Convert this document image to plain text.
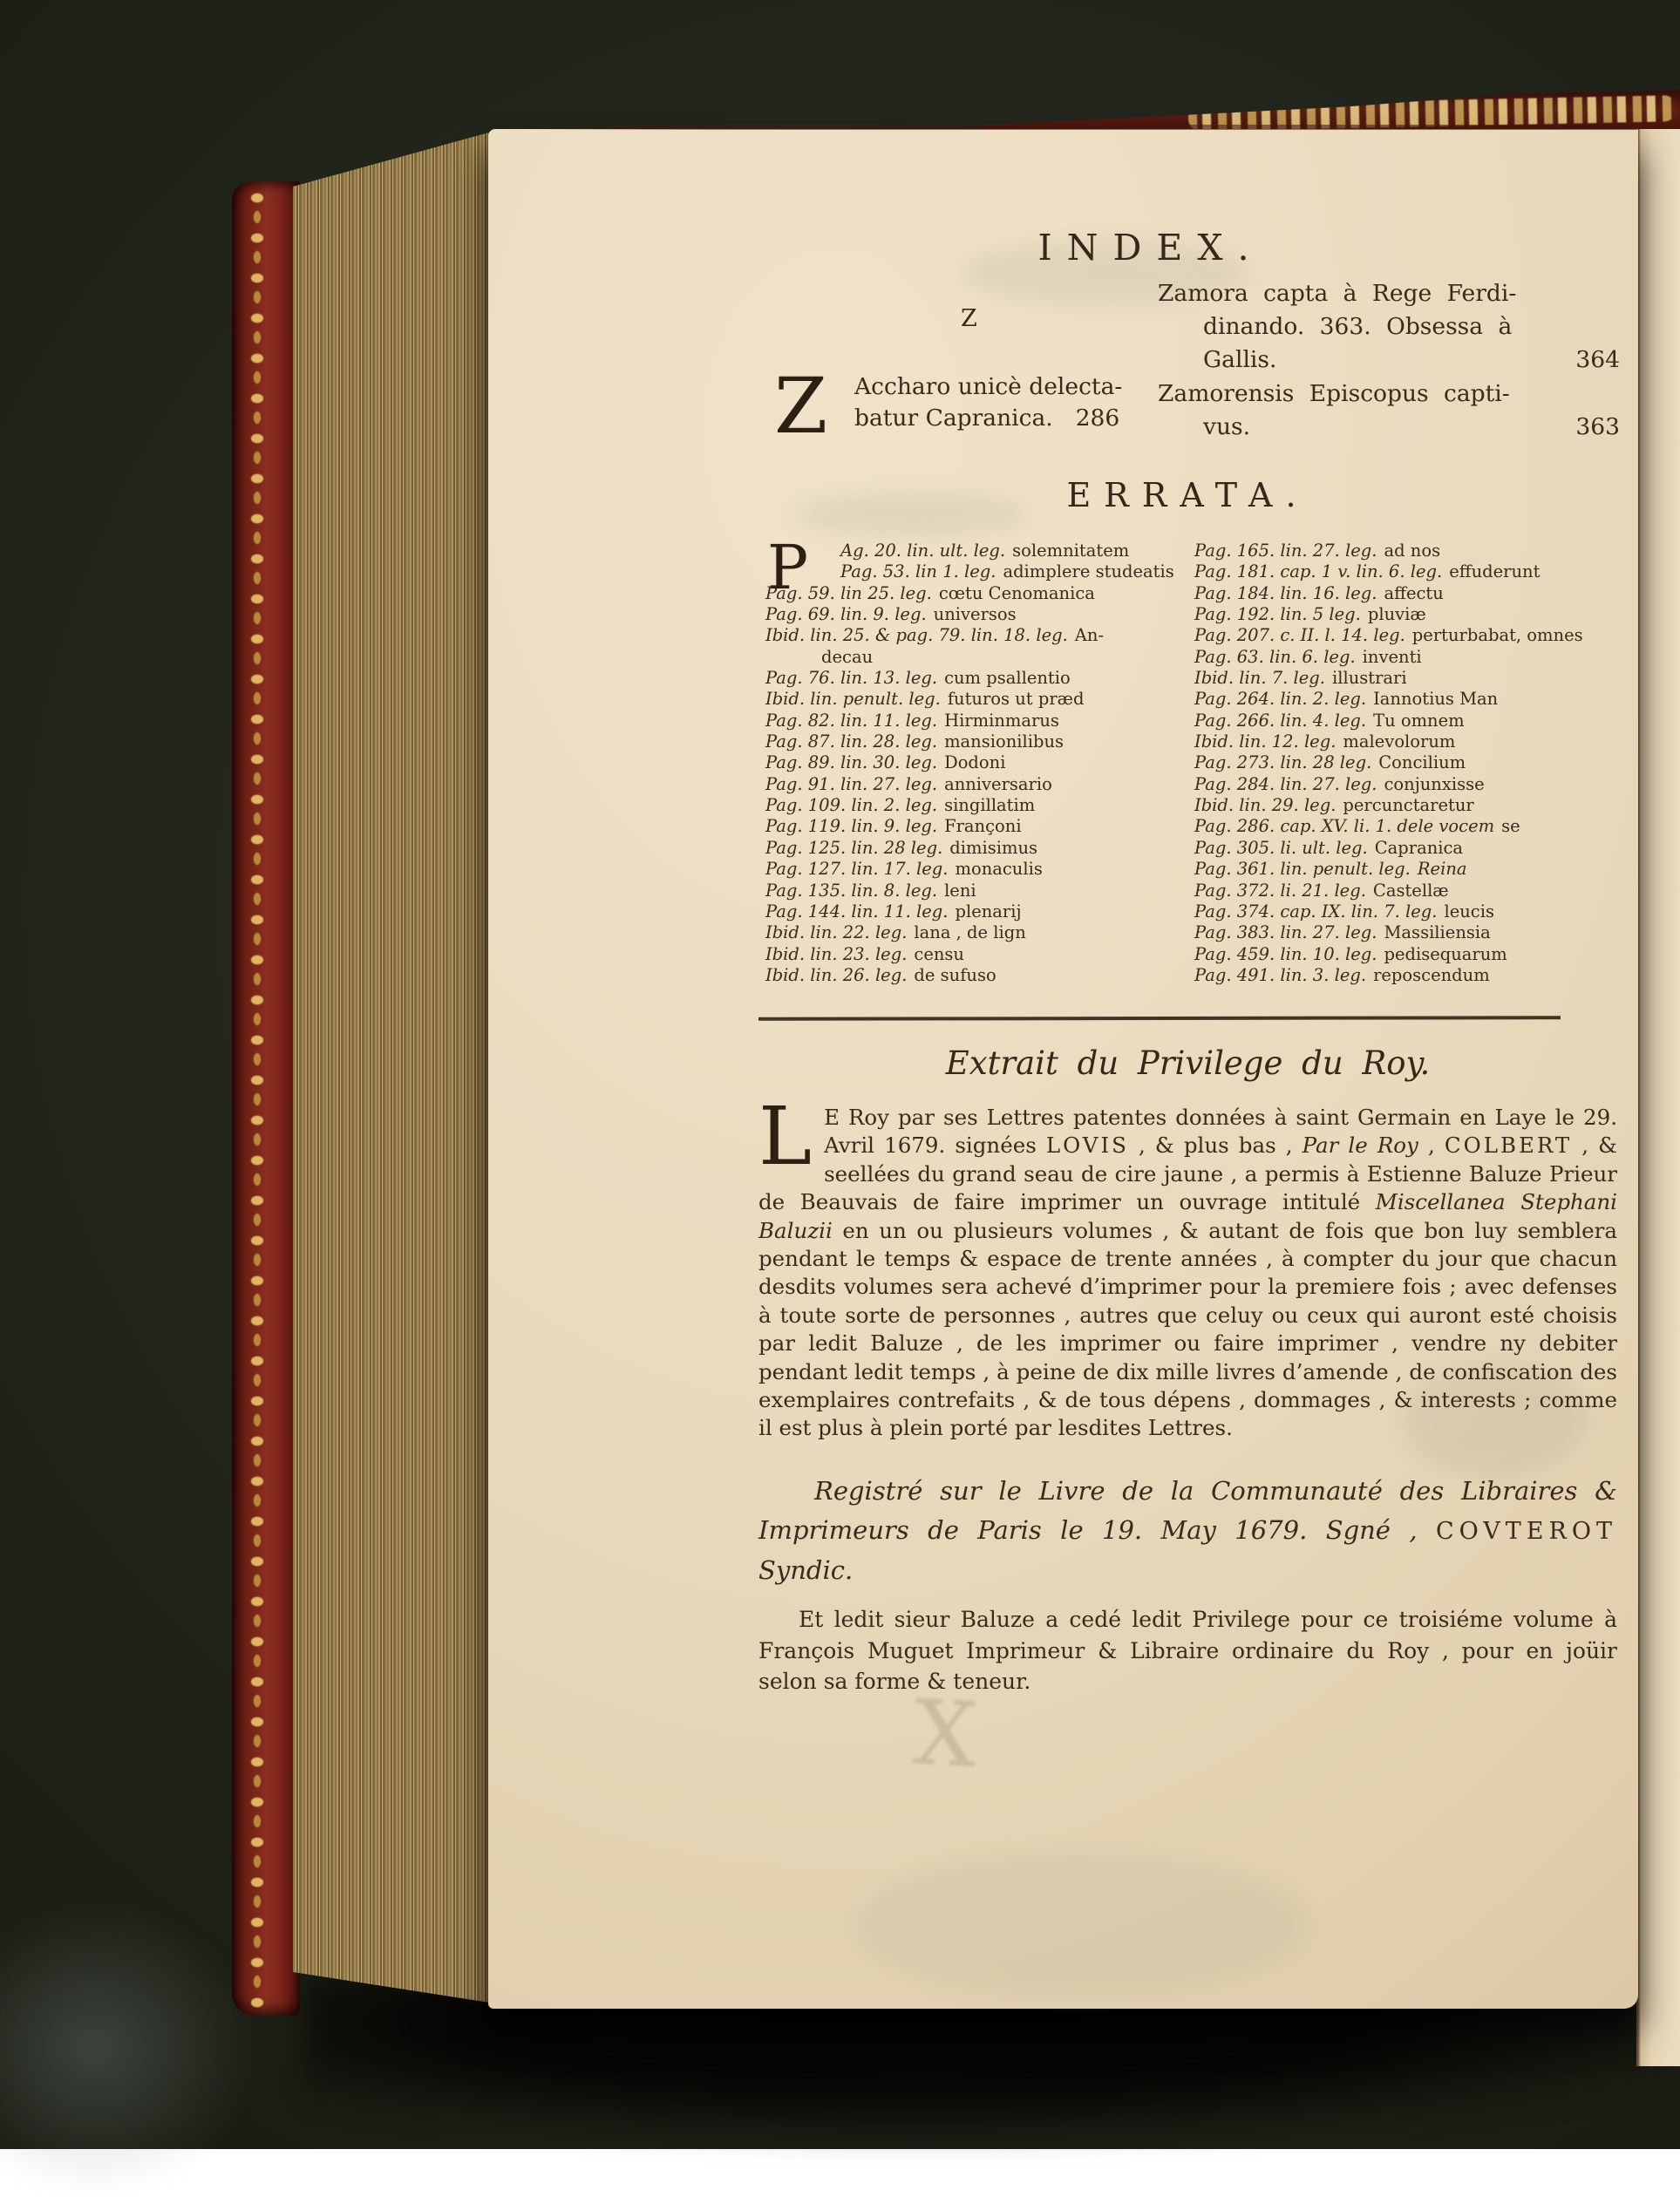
INDEX.
Z
Z Accharo unicè delecta-
batur Capranica. 286
Zamora capta à Rege Ferdi-
dinando. 363. Obsessa à
Gallis.	364
Zamorensis Episcopus capti-
vus.	363
ERRATA.
P	Ag. 20. lin. ult. leg. solemnitatem
Pag. 53. lin 1. leg. adimplere studeatis
Pag. 59. lin 25. leg. cœtu Cenomanica
Pag. 69. lin. 9. leg. universos
Ibid. lin. 25. & pag. 79. lin. 18. leg. An-
decau
Pag. 76. lin. 13. leg. cum psallentio
Ibid. lin. penult. leg. futuros ut præd
Pag. 82. lin. 11. leg. Hirminmarus
Pag. 87. lin. 28. leg. mansionilibus
Pag. 89. lin. 30. leg. Dodoni
Pag. 91. lin. 27. leg. anniversario
Pag. 109. lin. 2. leg. singillatim
Pag. 119. lin. 9. leg. Françoni
Pag. 125. lin. 28 leg. dimisimus
Pag. 127. lin. 17. leg. monaculis
Pag. 135. lin. 8. leg. leni
Pag. 144. lin. 11. leg. plenarij
Ibid. lin. 22. leg. lana , de lign
Ibid. lin. 23. leg. censu
Ibid. lin. 26. leg. de sufuso
Pag. 165. lin. 27. leg. ad nos
Pag. 181. cap. 1 v. lin. 6. leg. effuderunt
Pag. 184. lin. 16. leg. affectu
Pag. 192. lin. 5 leg. pluviæ
Pag. 207. c. II. l. 14. leg. perturbabat, omnes
Pag. 63. lin. 6. leg. inventi
Ibid. lin. 7. leg. illustrari
Pag. 264. lin. 2. leg. Iannotius Man
Pag. 266. lin. 4. leg. Tu omnem
Ibid. lin. 12. leg. malevolorum
Pag. 273. lin. 28 leg. Concilium
Pag. 284. lin. 27. leg. conjunxisse
Ibid. lin. 29. leg. percunctaretur
Pag. 286. cap. XV. li. 1. dele vocem se
Pag. 305. li. ult. leg. Capranica
Pag. 361. lin. penult. leg. Reina
Pag. 372. li. 21. leg. Castellæ
Pag. 374. cap. IX. lin. 7. leg. leucis
Pag. 383. lin. 27. leg. Massiliensia
Pag. 459. lin. 10. leg. pedisequarum
Pag. 491. lin. 3. leg. reposcendum
Extrait du Privilege du Roy.

L E Roy par ses Lettres patentes données à saint Germain en Laye le 29. Avril 1679. signées LOVIS , & plus bas , Par le Roy , COLBERT , & seellées du grand seau de cire jaune , a permis à Estienne Baluze Prieur de Beauvais de faire imprimer un ouvrage intitulé Miscellanea Stephani Baluzii en un ou plusieurs volumes , & autant de fois que bon luy semblera pendant le temps & espace de trente années , à compter du jour que chacun desdits volumes sera achevé d’imprimer pour la premiere fois ; avec defenses à toute sorte de personnes , autres que celuy ou ceux qui auront esté choisis par ledit Baluze , de les imprimer ou faire imprimer , vendre ny debiter pendant ledit temps , à peine de dix mille livres d’amende , de confiscation des exemplaires contrefaits , & de tous dépens , dommages , & interests ; comme il est plus à plein porté par lesdites Lettres.

Registré sur le Livre de la Communauté des Libraires & Imprimeurs de Paris le 19. May 1679. Sgné , COVTEROT Syndic.

Et ledit sieur Baluze a cedé ledit Privilege pour ce troisiéme volume à François Muguet Imprimeur & Libraire ordinaire du Roy , pour en joüir selon sa forme & teneur.

X
